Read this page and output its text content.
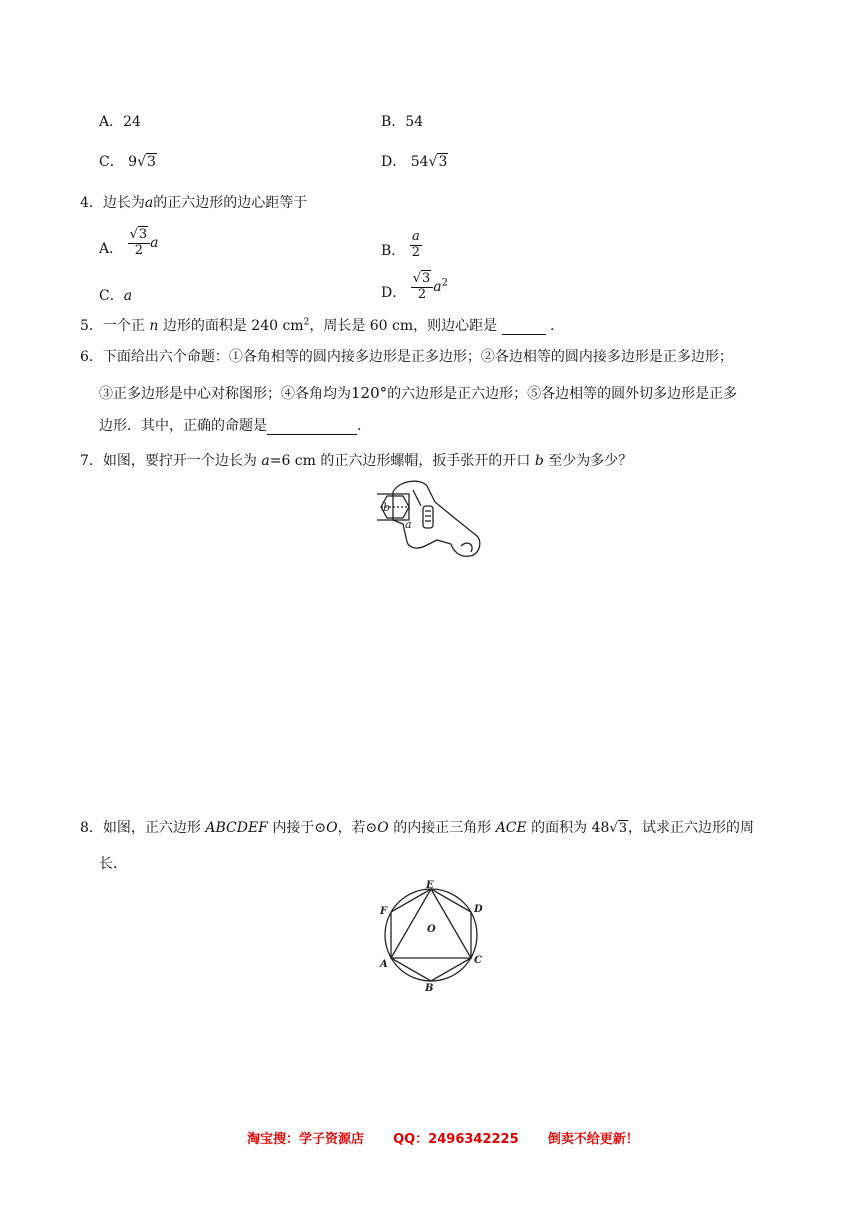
A．24	B．54
C． 9√3	D． 54√3
4．边长为a的正六边形的边心距等于
A． $\frac{√3}{2}$ a	B． $\frac{a}{2}$
C．a	D． $\frac{√3}{2} a^2$
5．一个正 n 边形的面积是 240 $cm^2$，周长是 60 cm，则边心距是	.
6．下面给出六个命题：①各角相等的圆内接多边形是正多边形；②各边相等的圆内接多边形是正多边形；
③正多边形是中心对称图形；④各角均为120°的六边形是正六边形；⑤各边相等的圆外切多边形是正多
边形．其中，正确的命题是	.
7．如图，要拧开一个边长为 a=6 cm 的正六边形螺帽，扳手张开的开口 b 至少为多少？
b
a
8．如图，正六边形 ABCDEF 内接于⊙O，若⊙O 的内接正三角形 ACE 的面积为 48√3，试求正六边形的周
长．
E
D
F
C
A
B
O
淘宝搜：学子资源店 QQ：2496342225 倒卖不给更新！
